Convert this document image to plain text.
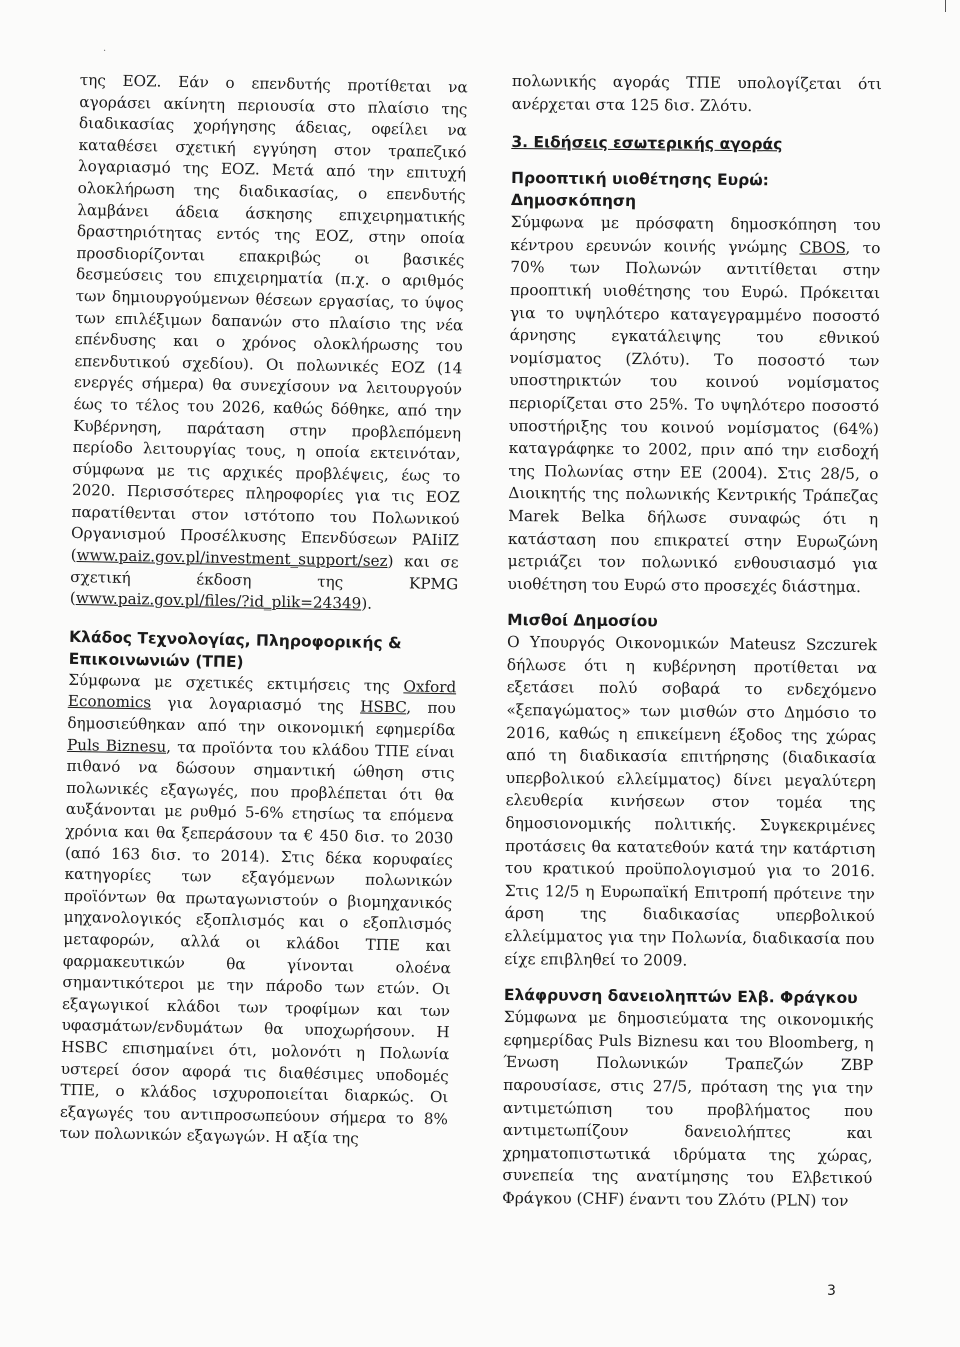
·

της ΕΟΖ. Εάν ο επενδυτής προτίθεται να αγοράσει ακίνητη περιουσία στο πλαίσιο της διαδικασίας χορήγησης άδειας, οφείλει να καταθέσει σχετική εγγύηση στον τραπεζικό λογαριασμό της ΕΟΖ. Μετά από την επιτυχή ολοκλήρωση της διαδικασίας, ο επενδυτής λαμβάνει άδεια άσκησης επιχειρηματικής δραστηριότητας εντός της ΕΟΖ, στην οποία προσδιορίζονται επακριβώς οι βασικές δεσμεύσεις του επιχειρηματία (π.χ. ο αριθμός των δημιουργούμενων θέσεων εργασίας, το ύψος των επιλέξιμων δαπανών στο πλαίσιο της νέα επένδυσης και ο χρόνος ολοκλήρωσης του επενδυτικού σχεδίου). Οι πολωνικές ΕΟΖ (14 ενεργές σήμερα) θα συνεχίσουν να λειτουργούν έως το τέλος του 2026, καθώς δόθηκε, από την Κυβέρνηση, παράταση στην προβλεπόμενη περίοδο λειτουργίας τους, η οποία εκτεινόταν, σύμφωνα με τις αρχικές προβλέψεις, έως το 2020. Περισσότερες πληροφορίες για τις ΕΟΖ παρατίθενται στον ιστότοπο του Πολωνικού Οργανισμού Προσέλκυσης Επενδύσεων PAIiIZ (www.paiz.gov.pl/investment_support/sez) και σε σχετική έκδοση της KPMG (www.paiz.gov.pl/files/?id_plik=24349).

Κλάδος Τεχνολογίας, Πληροφορικής & Επικοινωνιών (ΤΠΕ)

Σύμφωνα με σχετικές εκτιμήσεις της Oxford Economics για λογαριασμό της HSBC, που δημοσιεύθηκαν από την οικονομική εφημερίδα Puls Biznesu, τα προϊόντα του κλάδου ΤΠΕ είναι πιθανό να δώσουν σημαντική ώθηση στις πολωνικές εξαγωγές, που προβλέπεται ότι θα αυξάνονται με ρυθμό 5-6% ετησίως τα επόμενα χρόνια και θα ξεπεράσουν τα € 450 δισ. το 2030 (από 163 δισ. το 2014). Στις δέκα κορυφαίες κατηγορίες των εξαγόμενων πολωνικών προϊόντων θα πρωταγωνιστούν ο βιομηχανικός μηχανολογικός εξοπλισμός και ο εξοπλισμός μεταφορών, αλλά οι κλάδοι ΤΠΕ και φαρμακευτικών θα γίνονται ολοένα σημαντικότεροι με την πάροδο των ετών. Οι εξαγωγικοί κλάδοι των τροφίμων και των υφασμάτων/ενδυμάτων θα υποχωρήσουν. Η HSBC επισημαίνει ότι, μολονότι η Πολωνία υστερεί όσον αφορά τις διαθέσιμες υποδομές ΤΠΕ, ο κλάδος ισχυροποιείται διαρκώς. Οι εξαγωγές του αντιπροσωπεύουν σήμερα το 8% των πολωνικών εξαγωγών. Η αξία της

πολωνικής αγοράς ΤΠΕ υπολογίζεται ότι ανέρχεται στα 125 δισ. Ζλότυ.

3. Ειδήσεις εσωτερικής αγοράς
Προοπτική υιοθέτησης Ευρώ: Δημοσκόπηση

Σύμφωνα με πρόσφατη δημοσκόπηση του κέντρου ερευνών κοινής γνώμης CBOS, το 70% των Πολωνών αντιτίθεται στην προοπτική υιοθέτησης του Ευρώ. Πρόκειται για το υψηλότερο καταγεγραμμένο ποσοστό άρνησης εγκατάλειψης του εθνικού νομίσματος (Ζλότυ). Το ποσοστό των υποστηρικτών του κοινού νομίσματος περιορίζεται στο 25%. Το υψηλότερο ποσοστό υποστήριξης του κοινού νομίσματος (64%) καταγράφηκε το 2002, πριν από την εισδοχή της Πολωνίας στην ΕΕ (2004). Στις 28/5, ο Διοικητής της πολωνικής Κεντρικής Τράπεζας Marek Belka δήλωσε συναφώς ότι η κατάσταση που επικρατεί στην Ευρωζώνη μετριάζει τον πολωνικό ενθουσιασμό για υιοθέτηση του Ευρώ στο προσεχές διάστημα.

Μισθοί Δημοσίου

Ο Υπουργός Οικονομικών Mateusz Szczurek δήλωσε ότι η κυβέρνηση προτίθεται να εξετάσει πολύ σοβαρά το ενδεχόμενο «ξεπαγώματος» των μισθών στο Δημόσιο το 2016, καθώς η επικείμενη έξοδος της χώρας από τη διαδικασία επιτήρησης (διαδικασία υπερβολικού ελλείμματος) δίνει μεγαλύτερη ελευθερία κινήσεων στον τομέα της δημοσιονομικής πολιτικής. Συγκεκριμένες προτάσεις θα κατατεθούν κατά την κατάρτιση του κρατικού προϋπολογισμού για το 2016. Στις 12/5 η Ευρωπαϊκή Επιτροπή πρότεινε την άρση της διαδικασίας υπερβολικού ελλείμματος για την Πολωνία, διαδικασία που είχε επιβληθεί το 2009.

Ελάφρυνση δανειοληπτών Ελβ. Φράγκου

Σύμφωνα με δημοσιεύματα της οικονομικής εφημερίδας Puls Biznesu και του Bloomberg, η Ένωση Πολωνικών Τραπεζών ZBP παρουσίασε, στις 27/5, πρόταση της για την αντιμετώπιση του προβλήματος που αντιμετωπίζουν δανειολήπτες και χρηματοπιστωτικά ιδρύματα της χώρας, συνεπεία της ανατίμησης του Ελβετικού Φράγκου (CHF) έναντι του Ζλότυ (PLN) τον

3
